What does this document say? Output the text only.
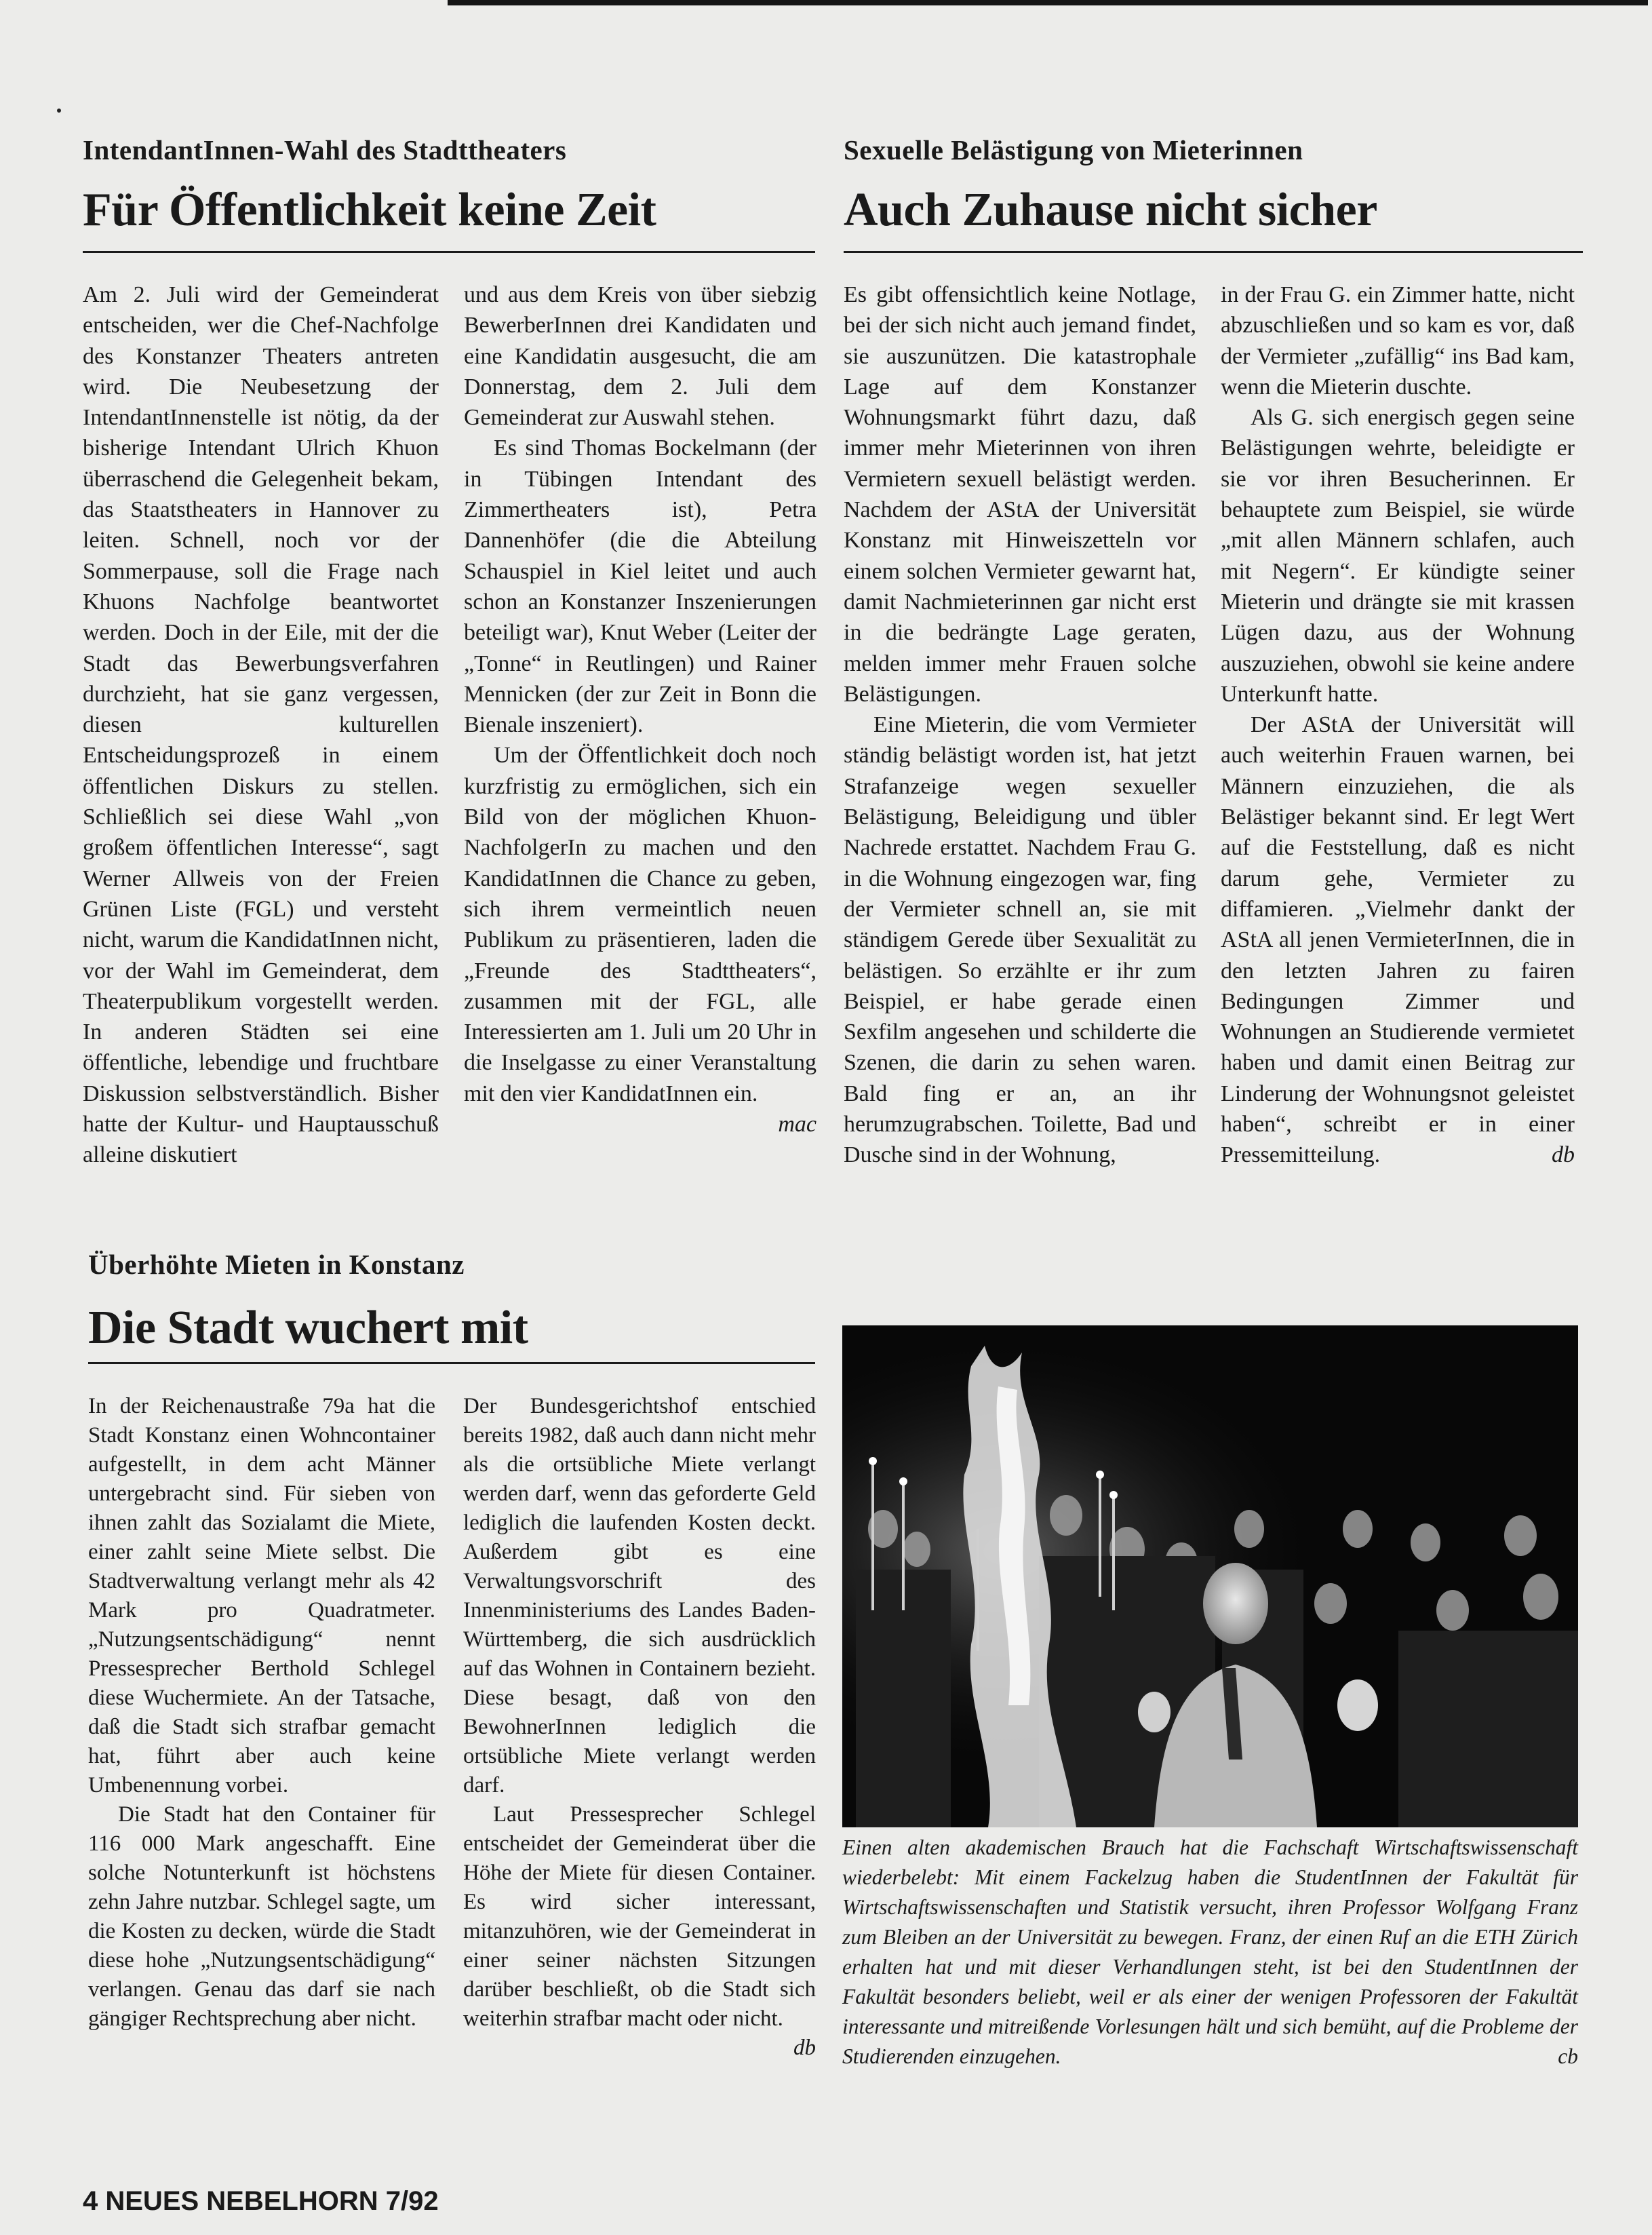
IntendantInnen-Wahl des Stadttheaters
Für Öffentlichkeit keine Zeit

Am 2. Juli wird der Gemeinderat entscheiden, wer die Chef-Nachfolge des Konstanzer Theaters antreten wird. Die Neubesetzung der IntendantInnenstelle ist nötig, da der bisherige Intendant Ulrich Khuon überraschend die Gelegenheit bekam, das Staatstheaters in Hannover zu leiten. Schnell, noch vor der Sommerpause, soll die Frage nach Khuons Nachfolge beantwortet werden. Doch in der Eile, mit der die Stadt das Bewerbungsverfahren durchzieht, hat sie ganz vergessen, diesen kulturellen Entscheidungsprozeß in einem öffentlichen Diskurs zu stellen. Schließlich sei diese Wahl „von großem öffentlichen Interesse“, sagt Werner Allweis von der Freien Grünen Liste (FGL) und versteht nicht, warum die KandidatInnen nicht, vor der Wahl im Gemeinderat, dem Theaterpublikum vorgestellt werden. In anderen Städten sei eine öffentliche, lebendige und fruchtbare Diskussion selbstverständlich. Bisher hatte der Kultur- und Hauptausschuß alleine diskutiert

und aus dem Kreis von über siebzig BewerberInnen drei Kandidaten und eine Kandidatin ausgesucht, die am Donnerstag, dem 2. Juli dem Gemeinderat zur Auswahl stehen.

Es sind Thomas Bockelmann (der in Tübingen Intendant des Zimmertheaters ist), Petra Dannenhöfer (die die Abteilung Schauspiel in Kiel leitet und auch schon an Konstanzer Inszenierungen beteiligt war), Knut Weber (Leiter der „Tonne“ in Reutlingen) und Rainer Mennicken (der zur Zeit in Bonn die Bienale inszeniert).

Um der Öffentlichkeit doch noch kurzfristig zu ermöglichen, sich ein Bild von der möglichen Khuon-NachfolgerIn zu machen und den KandidatInnen die Chance zu geben, sich ihrem vermeintlich neuen Publikum zu präsentieren, laden die „Freunde des Stadttheaters“, zusammen mit der FGL, alle Interessierten am 1. Juli um 20 Uhr in die Inselgasse zu einer Veranstaltung mit den vier KandidatInnen ein.
mac

Sexuelle Belästigung von Mieterinnen
Auch Zuhause nicht sicher

Es gibt offensichtlich keine Notlage, bei der sich nicht auch jemand findet, sie auszunützen. Die katastrophale Lage auf dem Konstanzer Wohnungsmarkt führt dazu, daß immer mehr Mieterinnen von ihren Vermietern sexuell belästigt werden. Nachdem der AStA der Universität Konstanz mit Hinweiszetteln vor einem solchen Vermieter gewarnt hat, damit Nachmieterinnen gar nicht erst in die bedrängte Lage geraten, melden immer mehr Frauen solche Belästigungen.

Eine Mieterin, die vom Vermieter ständig belästigt worden ist, hat jetzt Strafanzeige wegen sexueller Belästigung, Beleidigung und übler Nachrede erstattet. Nachdem Frau G. in die Wohnung eingezogen war, fing der Vermieter schnell an, sie mit ständigem Gerede über Sexualität zu belästigen. So erzählte er ihr zum Beispiel, er habe gerade einen Sexfilm angesehen und schilderte die Szenen, die darin zu sehen waren. Bald fing er an, an ihr herumzugrabschen. Toilette, Bad und Dusche sind in der Wohnung,

in der Frau G. ein Zimmer hatte, nicht abzuschließen und so kam es vor, daß der Vermieter „zufällig“ ins Bad kam, wenn die Mieterin duschte.

Als G. sich energisch gegen seine Belästigungen wehrte, beleidigte er sie vor ihren Besucherinnen. Er behauptete zum Beispiel, sie würde „mit allen Männern schlafen, auch mit Negern“. Er kündigte seiner Mieterin und drängte sie mit krassen Lügen dazu, aus der Wohnung auszuziehen, obwohl sie keine andere Unterkunft hatte.

Der AStA der Universität will auch weiterhin Frauen warnen, bei Männern einzuziehen, die als Belästiger bekannt sind. Er legt Wert auf die Feststellung, daß es nicht darum gehe, Vermieter zu diffamieren. „Vielmehr dankt der AStA all jenen VermieterInnen, die in den letzten Jahren zu fairen Bedingungen Zimmer und Wohnungen an Studierende vermietet haben und damit einen Beitrag zur Linderung der Wohnungsnot geleistet haben“, schreibt er in einer Pressemitteilung.	db

Überhöhte Mieten in Konstanz
Die Stadt wuchert mit

In der Reichenaustraße 79a hat die Stadt Konstanz einen Wohncontainer aufgestellt, in dem acht Männer untergebracht sind. Für sieben von ihnen zahlt das Sozialamt die Miete, einer zahlt seine Miete selbst. Die Stadtverwaltung verlangt mehr als 42 Mark pro Quadratmeter. „Nutzungsentschädigung“ nennt Pressesprecher Berthold Schlegel diese Wuchermiete. An der Tatsache, daß die Stadt sich strafbar gemacht hat, führt aber auch keine Umbenennung vorbei.

Die Stadt hat den Container für 116 000 Mark angeschafft. Eine solche Notunterkunft ist höchstens zehn Jahre nutzbar. Schlegel sagte, um die Kosten zu decken, würde die Stadt diese hohe „Nutzungsentschädigung“ verlangen. Genau das darf sie nach gängiger Rechtsprechung aber nicht.

Der Bundesgerichtshof entschied bereits 1982, daß auch dann nicht mehr als die ortsübliche Miete verlangt werden darf, wenn das geforderte Geld lediglich die laufenden Kosten deckt. Außerdem gibt es eine Verwaltungsvorschrift des Innenministeriums des Landes Baden-Württemberg, die sich ausdrücklich auf das Wohnen in Containern bezieht. Diese besagt, daß von den BewohnerInnen lediglich die ortsübliche Miete verlangt werden darf.

Laut Pressesprecher Schlegel entscheidet der Gemeinderat über die Höhe der Miete für diesen Container. Es wird sicher interessant, mitanzuhören, wie der Gemeinderat in einer seiner nächsten Sitzungen darüber beschließt, ob die Stadt sich weiterhin strafbar macht oder nicht.
db

Einen alten akademischen Brauch hat die Fachschaft Wirtschaftswissenschaft wiederbelebt: Mit einem Fackelzug haben die StudentInnen der Fakultät für Wirtschaftswissenschaften und Statistik versucht, ihren Professor Wolfgang Franz zum Bleiben an der Universität zu bewegen. Franz, der einen Ruf an die ETH Zürich erhalten hat und mit dieser Verhandlungen steht, ist bei den StudentInnen der Fakultät besonders beliebt, weil er als einer der wenigen Professoren der Fakultät interessante und mitreißende Vorlesungen hält und sich bemüht, auf die Probleme der Studierenden einzugehen.	cb
4 NEUES NEBELHORN 7/92
